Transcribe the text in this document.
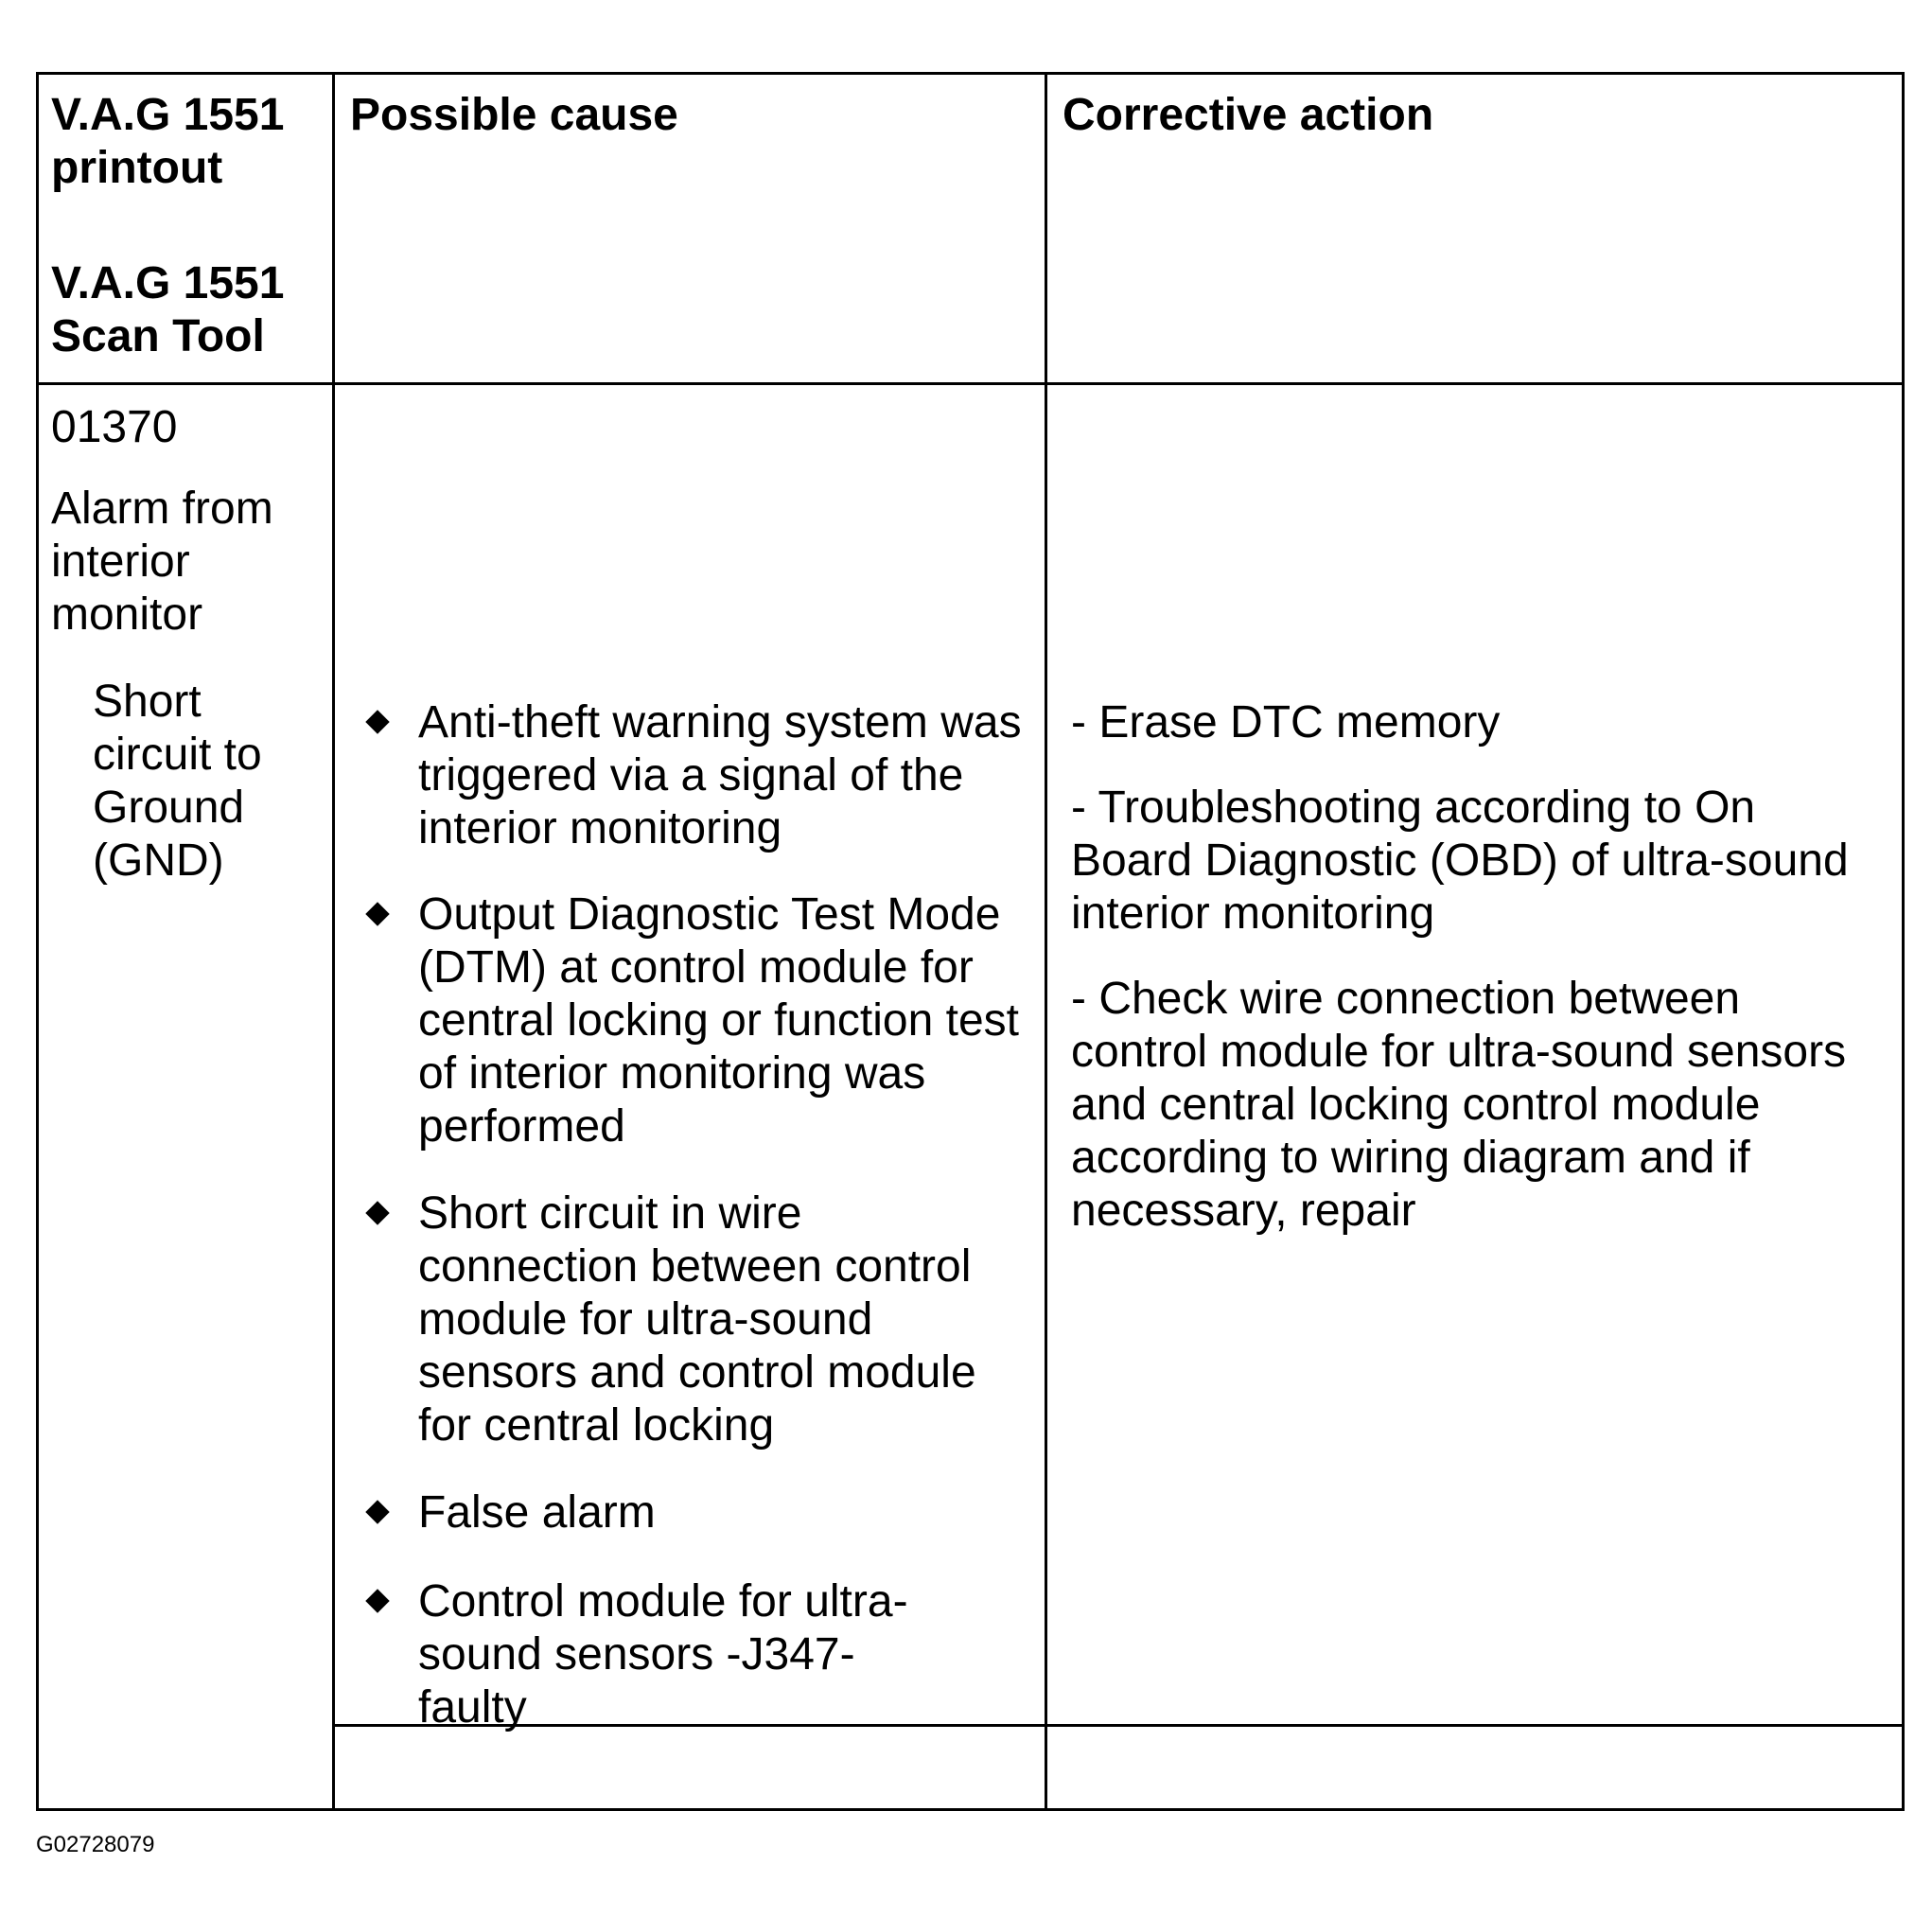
V.A.G 1551 printout
V.A.G 1551 Scan Tool
Possible cause	Corrective action
01370
Alarm from interior monitor
Short circuit to Ground (GND)
Anti-theft warning system was triggered via a signal of the interior monitoring
Output Diagnostic Test Mode (DTM) at control module for central locking or function test of interior monitoring was performed
Short circuit in wire connection between control module for ultra-sound sensors and control module for central locking
False alarm
Control module for ultra-sound sensors -J347- faulty
- Erase DTC memory
- Troubleshooting according to On Board Diagnostic (OBD) of ultra-sound interior monitoring
- Check wire connection between control module for ultra-sound sensors and central locking control module according to wiring diagram and if necessary, repair
G02728079
